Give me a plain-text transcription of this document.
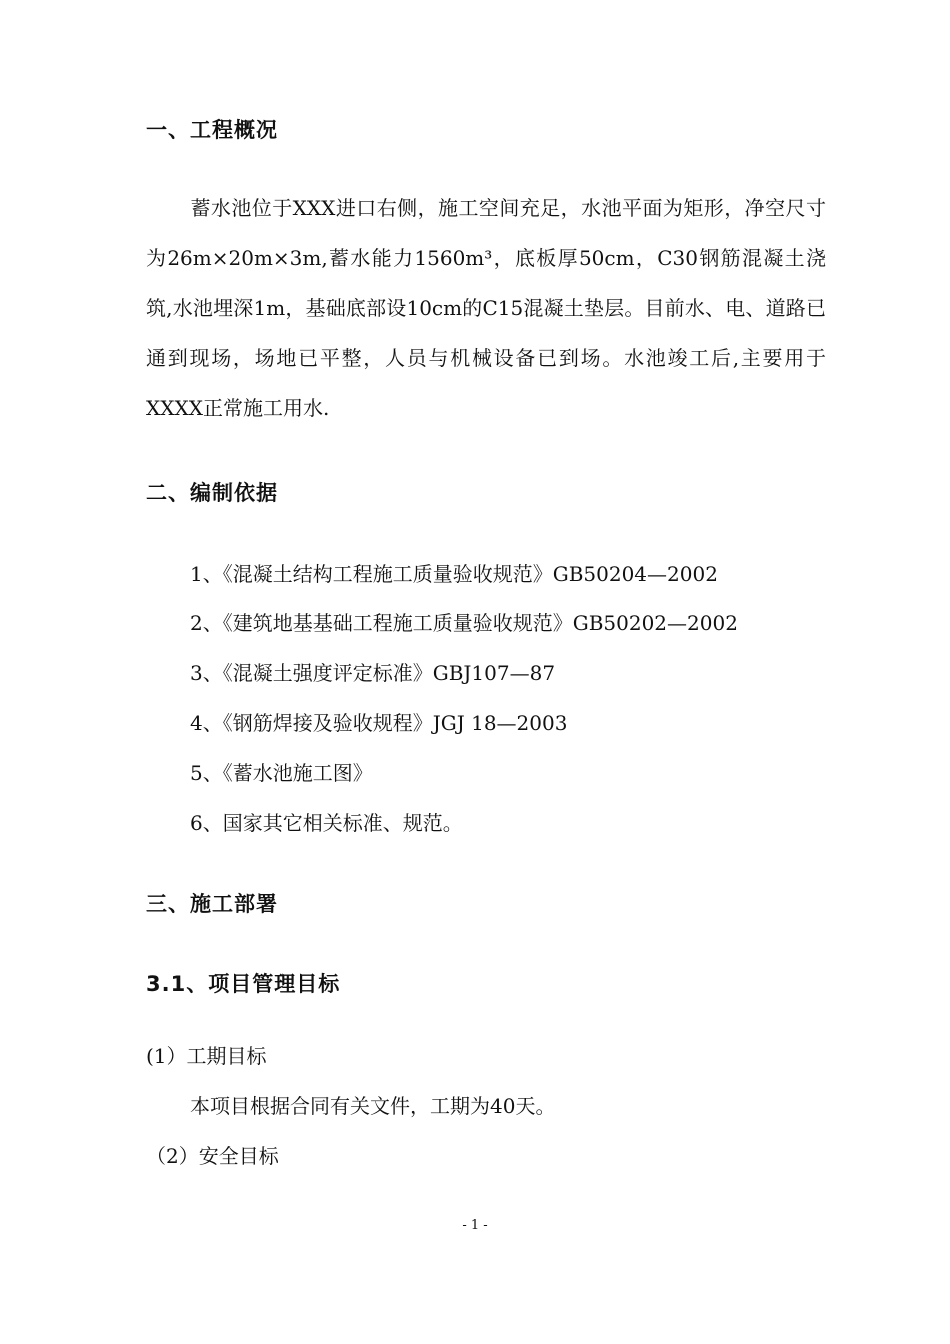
一、工程概况
蓄水池位于XXX进口右侧，施工空间充足，水池平面为矩形，净空尺寸为26m×20m×3m,蓄水能力1560m³，底板厚50cm，C30钢筋混凝土浇筑,水池埋深1m，基础底部设10cm的C15混凝土垫层。目前水、电、道路已通到现场，场地已平整，人员与机械设备已到场。水池竣工后,主要用于XXXX正常施工用水.
二、编制依据
1、《混凝土结构工程施工质量验收规范》GB50204—2002
2、《建筑地基基础工程施工质量验收规范》GB50202—2002
3、《混凝土强度评定标准》GBJ107—87
4、《钢筋焊接及验收规程》JGJ 18—2003
5、《蓄水池施工图》
6、国家其它相关标准、规范。
三、施工部署
3.1、项目管理目标
(1）工期目标
本项目根据合同有关文件，工期为40天。
（2）安全目标
- 1 -
